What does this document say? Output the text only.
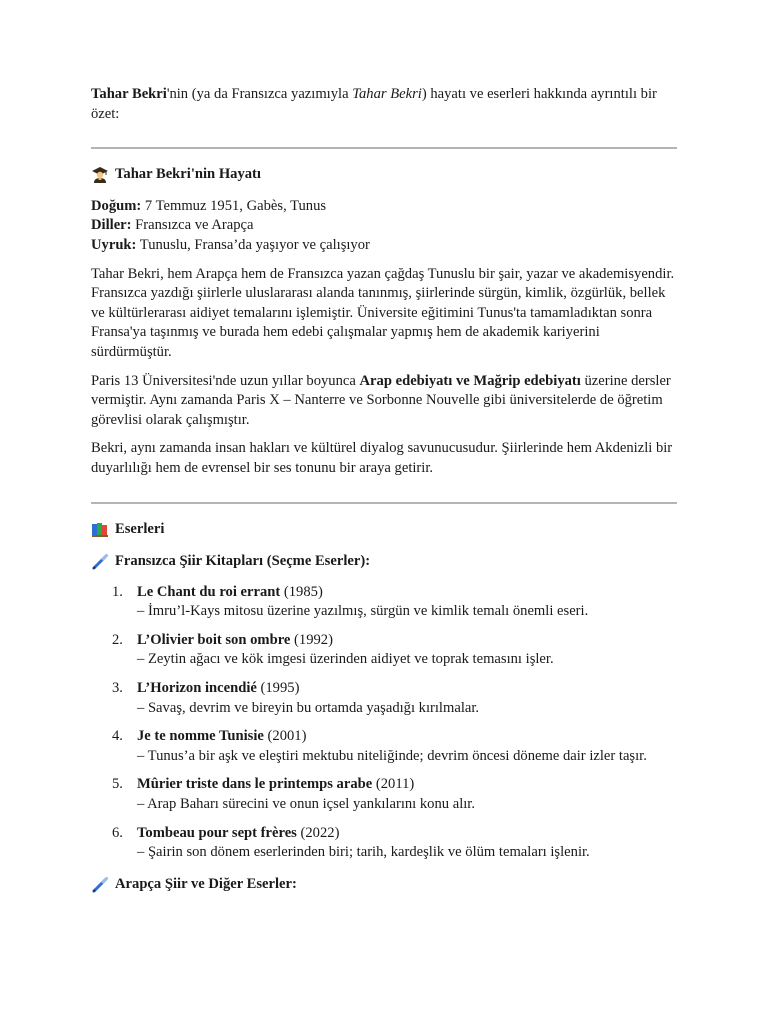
Tahar Bekri'nin (ya da Fransızca yazımıyla Tahar Bekri) hayatı ve eserleri hakkında ayrıntılı bir özet:

Tahar Bekri'nin Hayatı

Doğum: 7 Temmuz 1951, Gabès, Tunus

Diller: Fransızca ve Arapça

Uyruk: Tunuslu, Fransa’da yaşıyor ve çalışıyor

Tahar Bekri, hem Arapça hem de Fransızca yazan çağdaş Tunuslu bir şair, yazar ve akademisyendir. Fransızca yazdığı şiirlerle uluslararası alanda tanınmış, şiirlerinde sürgün, kimlik, özgürlük, bellek ve kültürlerarası aidiyet temalarını işlemiştir. Üniversite eğitimini Tunus'ta tamamladıktan sonra Fransa'ya taşınmış ve burada hem edebi çalışmalar yapmış hem de akademik kariyerini sürdürmüştür.

Paris 13 Üniversitesi'nde uzun yıllar boyunca Arap edebiyatı ve Mağrip edebiyatı üzerine dersler vermiştir. Aynı zamanda Paris X – Nanterre ve Sorbonne Nouvelle gibi üniversitelerde de öğretim görevlisi olarak çalışmıştır.

Bekri, aynı zamanda insan hakları ve kültürel diyalog savunucusudur. Şiirlerinde hem Akdenizli bir duyarlılığı hem de evrensel bir ses tonunu bir araya getirir.

Eserleri
Fransızca Şiir Kitapları (Seçme Eserler):
1. Le Chant du roi errant (1985)
– İmru’l-Kays mitosu üzerine yazılmış, sürgün ve kimlik temalı önemli eseri.
2. L’Olivier boit son ombre (1992)
– Zeytin ağacı ve kök imgesi üzerinden aidiyet ve toprak temasını işler.
3. L’Horizon incendié (1995)
– Savaş, devrim ve bireyin bu ortamda yaşadığı kırılmalar.
4. Je te nomme Tunisie (2001)
– Tunus’a bir aşk ve eleştiri mektubu niteliğinde; devrim öncesi döneme dair izler taşır.
5. Mûrier triste dans le printemps arabe (2011)
– Arap Baharı sürecini ve onun içsel yankılarını konu alır.
6. Tombeau pour sept frères (2022)
– Şairin son dönem eserlerinden biri; tarih, kardeşlik ve ölüm temaları işlenir.
Arapça Şiir ve Diğer Eserler:
